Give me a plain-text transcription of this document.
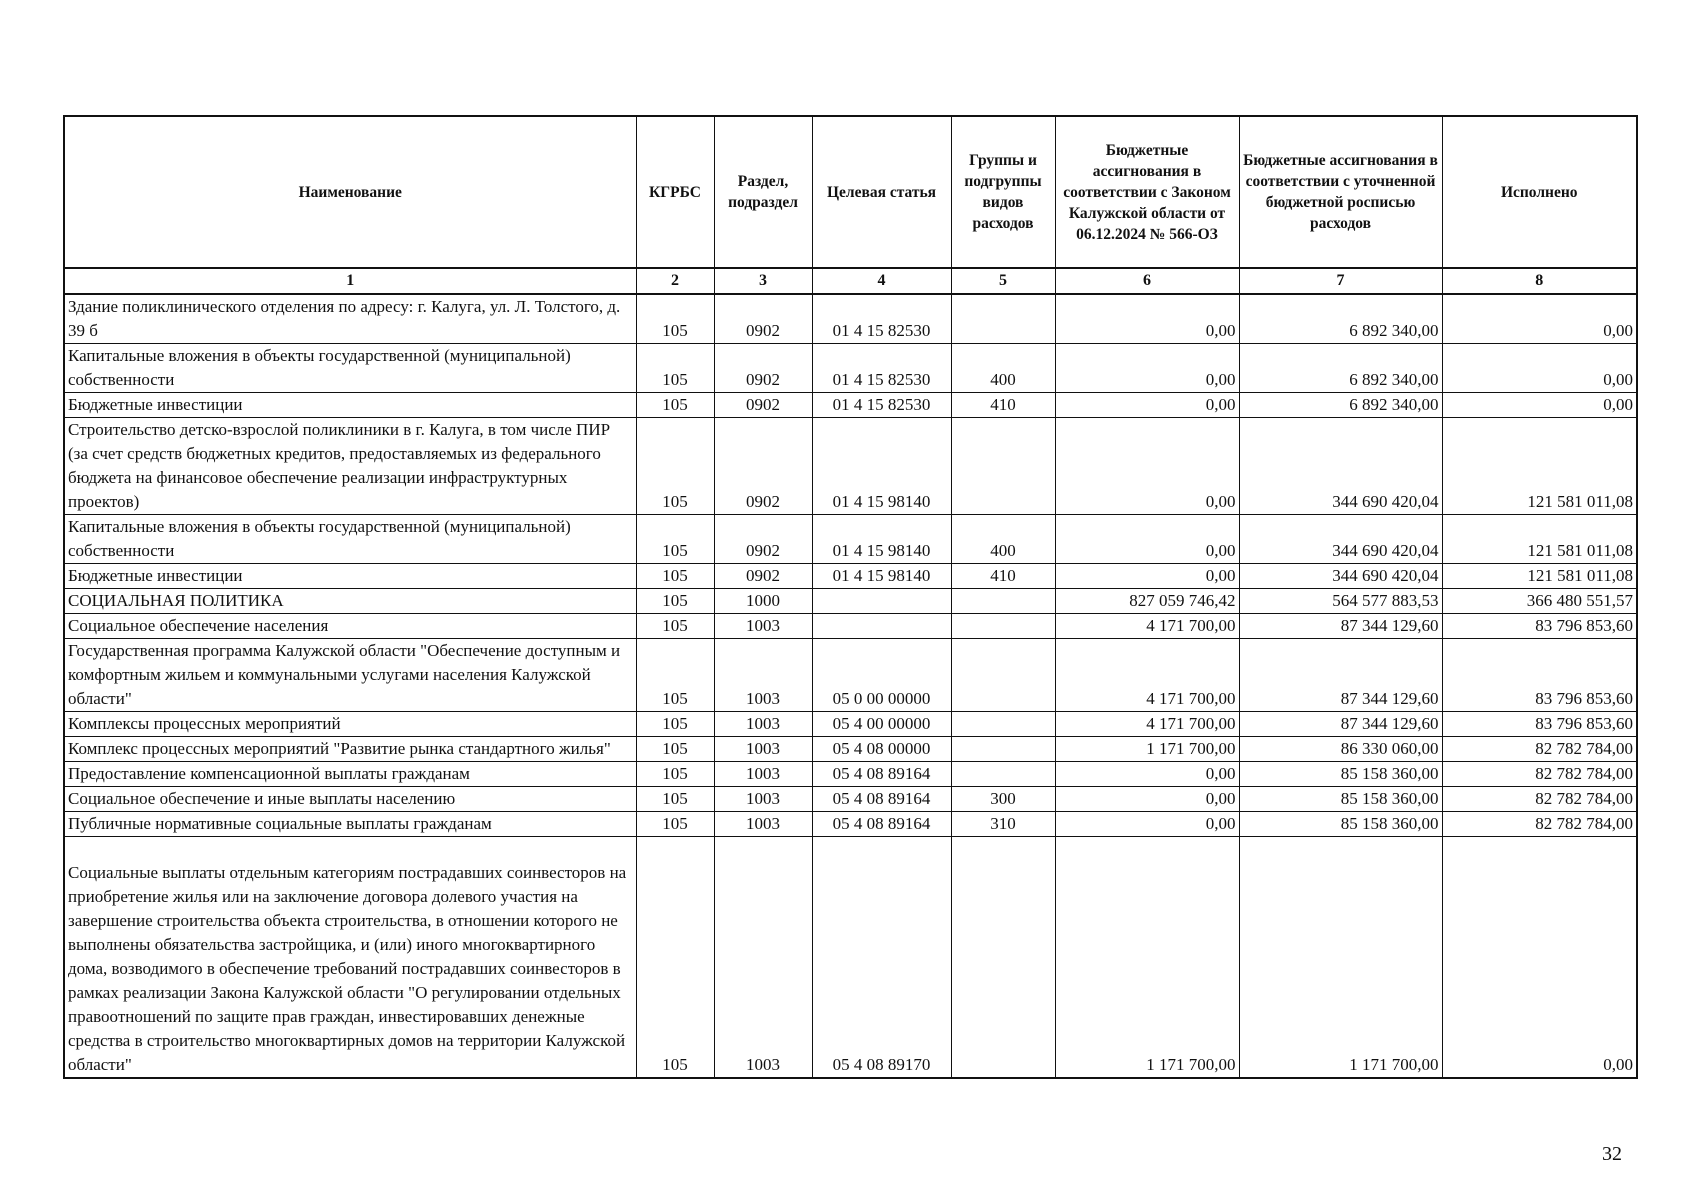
Наименование	КГРБС	Раздел, подраздел	Целевая статья	Группы и подгруппы видов расходов	Бюджетные ассигнования в соответствии с Законом Калужской области от 06.12.2024 № 566-ОЗ	Бюджетные ассигнования в соответствии с уточненной бюджетной росписью расходов	Исполнено
1	2	3	4	5	6	7	8
Здание поликлинического отделения по адресу: г. Калуга, ул. Л. Толстого, д. 39 б	105	0902	01 4 15 82530		0,00	6 892 340,00	0,00
Капитальные вложения в объекты государственной (муниципальной) собственности	105	0902	01 4 15 82530	400	0,00	6 892 340,00	0,00
Бюджетные инвестиции	105	0902	01 4 15 82530	410	0,00	6 892 340,00	0,00
Строительство детско-взрослой поликлиники в г. Калуга, в том числе ПИР (за счет средств бюджетных кредитов, предоставляемых из федерального бюджета на финансовое обеспечение реализации инфраструктурных проектов)	105	0902	01 4 15 98140		0,00	344 690 420,04	121 581 011,08
Капитальные вложения в объекты государственной (муниципальной) собственности	105	0902	01 4 15 98140	400	0,00	344 690 420,04	121 581 011,08
Бюджетные инвестиции	105	0902	01 4 15 98140	410	0,00	344 690 420,04	121 581 011,08
СОЦИАЛЬНАЯ ПОЛИТИКА	105	1000			827 059 746,42	564 577 883,53	366 480 551,57
Социальное обеспечение населения	105	1003			4 171 700,00	87 344 129,60	83 796 853,60
Государственная программа Калужской области "Обеспечение доступным и комфортным жильем и коммунальными услугами населения Калужской области"	105	1003	05 0 00 00000		4 171 700,00	87 344 129,60	83 796 853,60
Комплексы процессных мероприятий	105	1003	05 4 00 00000		4 171 700,00	87 344 129,60	83 796 853,60
Комплекс процессных мероприятий "Развитие рынка стандартного жилья"	105	1003	05 4 08 00000		1 171 700,00	86 330 060,00	82 782 784,00
Предоставление компенсационной выплаты гражданам	105	1003	05 4 08 89164		0,00	85 158 360,00	82 782 784,00
Социальное обеспечение и иные выплаты населению	105	1003	05 4 08 89164	300	0,00	85 158 360,00	82 782 784,00
Публичные нормативные социальные выплаты гражданам	105	1003	05 4 08 89164	310	0,00	85 158 360,00	82 782 784,00
Социальные выплаты отдельным категориям пострадавших соинвесторов на приобретение жилья или на заключение договора долевого участия на завершение строительства объекта строительства, в отношении которого не выполнены обязательства застройщика, и (или) иного многоквартирного дома, возводимого в обеспечение требований пострадавших соинвесторов в рамках реализации Закона Калужской области "О регулировании отдельных правоотношений по защите прав граждан, инвестировавших денежные средства в строительство многоквартирных домов на территории Калужской области"	105	1003	05 4 08 89170		1 171 700,00	1 171 700,00	0,00
32
